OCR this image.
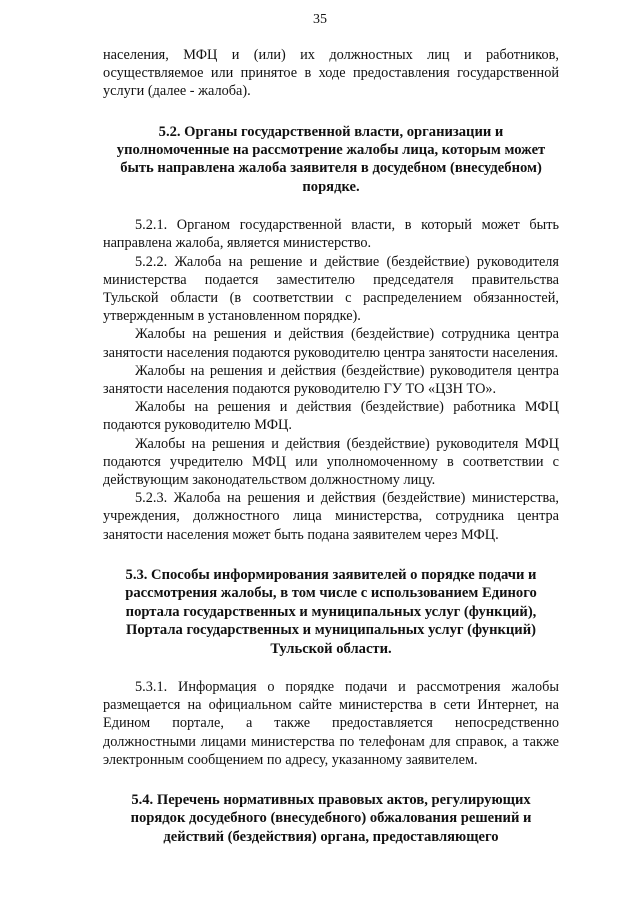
35

населения, МФЦ и (или) их должностных лиц и работников, осуществляемое или принятое в ходе предоставления государственной услуги (далее - жалоба).

5.2. Органы государственной власти, организации и уполномоченные на рассмотрение жалобы лица, которым может быть направлена жалоба заявителя в досудебном (внесудебном) порядке.

5.2.1. Органом государственной власти, в который может быть направлена жалоба, является министерство.

5.2.2. Жалоба на решение и действие (бездействие) руководителя министерства подается заместителю председателя правительства Тульской области (в соответствии с распределением обязанностей, утвержденным в установленном порядке).

Жалобы на решения и действия (бездействие) сотрудника центра занятости населения подаются руководителю центра занятости населения.

Жалобы на решения и действия (бездействие) руководителя центра занятости населения подаются руководителю ГУ ТО «ЦЗН ТО».

Жалобы на решения и действия (бездействие) работника МФЦ подаются руководителю МФЦ.

Жалобы на решения и действия (бездействие) руководителя МФЦ подаются учредителю МФЦ или уполномоченному в соответствии с действующим законодательством должностному лицу.

5.2.3. Жалоба на решения и действия (бездействие) министерства, учреждения, должностного лица министерства, сотрудника центра занятости населения может быть подана заявителем через МФЦ.

5.3. Способы информирования заявителей о порядке подачи и рассмотрения жалобы, в том числе с использованием Единого портала государственных и муниципальных услуг (функций), Портала государственных и муниципальных услуг (функций) Тульской области.

5.3.1. Информация о порядке подачи и рассмотрения жалобы размещается на официальном сайте министерства в сети Интернет, на Едином портале, а также предоставляется непосредственно должностными лицами министерства по телефонам для справок, а также электронным сообщением по адресу, указанному заявителем.

5.4. Перечень нормативных правовых актов, регулирующих порядок досудебного (внесудебного) обжалования решений и действий (бездействия) органа, предоставляющего
